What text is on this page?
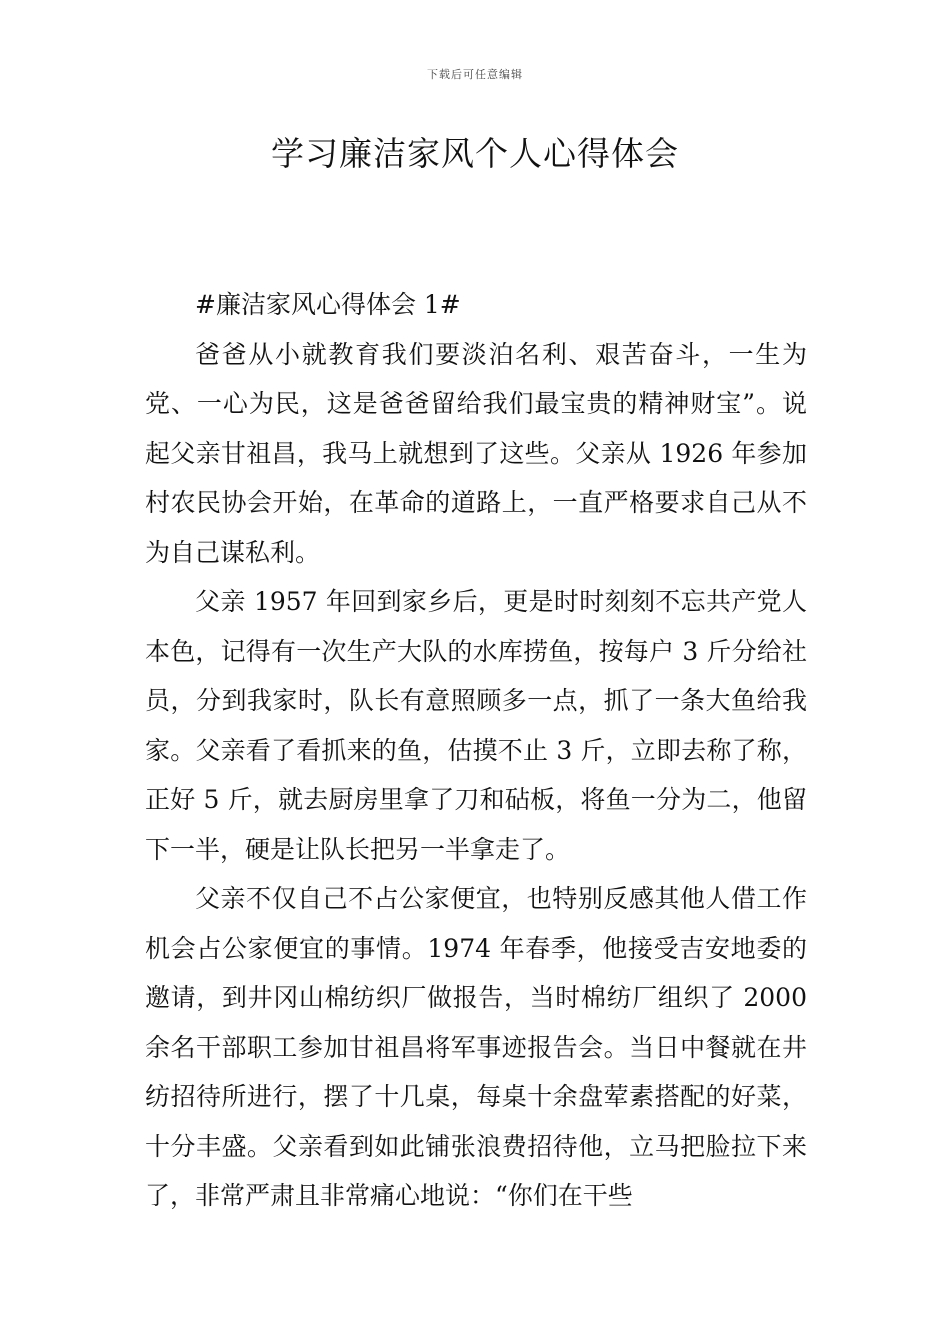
下载后可任意编辑
学习廉洁家风个人心得体会

#廉洁家风心得体会 1#

爸爸从小就教育我们要淡泊名利、艰苦奋斗，一生为党、一心为民，这是爸爸留给我们最宝贵的精神财宝”。说起父亲甘祖昌，我马上就想到了这些。父亲从 1926 年参加村农民协会开始，在革命的道路上，一直严格要求自己从不为自己谋私利。

父亲 1957 年回到家乡后，更是时时刻刻不忘共产党人本色，记得有一次生产大队的水库捞鱼，按每户 3 斤分给社员，分到我家时，队长有意照顾多一点，抓了一条大鱼给我家。父亲看了看抓来的鱼，估摸不止 3 斤，立即去称了称，正好 5 斤，就去厨房里拿了刀和砧板，将鱼一分为二，他留下一半，硬是让队长把另一半拿走了。

父亲不仅自己不占公家便宜，也特别反感其他人借工作机会占公家便宜的事情。1974 年春季，他接受吉安地委的邀请，到井冈山棉纺织厂做报告，当时棉纺厂组织了 2000 余名干部职工参加甘祖昌将军事迹报告会。当日中餐就在井纺招待所进行，摆了十几桌，每桌十余盘荤素搭配的好菜，十分丰盛。父亲看到如此铺张浪费招待他，立马把脸拉下来了，非常严肃且非常痛心地说：“你们在干些
